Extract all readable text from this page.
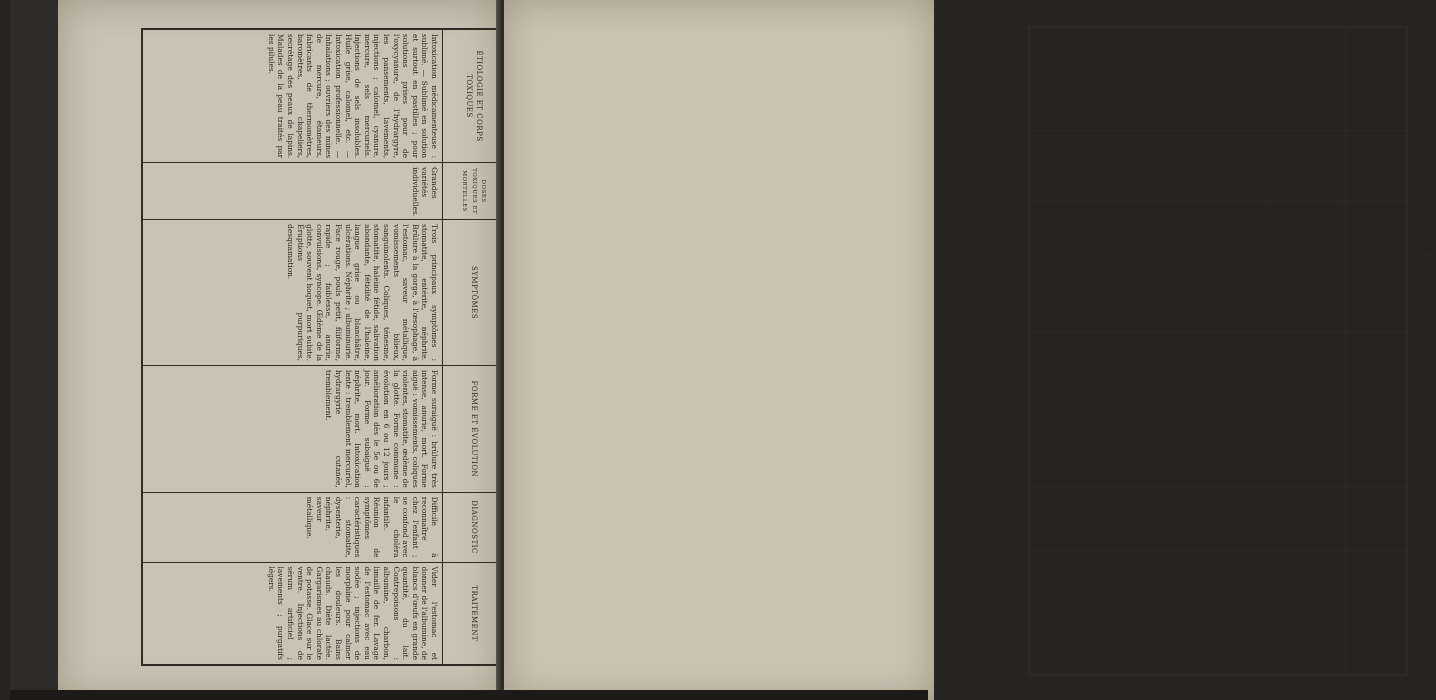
ÉTIOLOGIE ET CORPS TOXIQUES
DOSES TOXIQUES ET MORTELLES
SYMPTÔMES
FORME ET ÉVOLUTION
DIAGNOSTIC
TRAITEMENT
Intoxication médicamenteuse : sublimé. — Sublimé en solution et surtout en pastilles ; pour solutions prises pour de l'oxycyanure, de l'hydrargyre, les pansements, lavements, injections ; calomel, cyanure, mercure, sels mercuriels. Injections de sels insolubles. Huile grise, calomel, etc. — Intoxication professionnelle. — Inhalations ; ouvriers des mines de mercure, étameurs, fabricants de thermomètres, baromètres, chapeliers, secrétage des peaux de lapins. Malades de la peau traités par les pilules.
Grandes variétés individuelles.
Trois principaux symptômes : stomatite, entérite, néphrite. Brûlure à la gorge, à l'œsophage, à l'estomac, saveur métallique, vomissements bilieux, sanguinolents. Coliques, ténesme, stomatite, haleine fétide, salivation abondante, fétidité de l'haleine, langue grise ou blanchâtre, ulcérations. Néphrite ; albuminurie. Face rouge, pouls petit, filiforme, rapide ; faiblesse, anurie, convulsions, syncope. Œdème de la glotte, souvent hoquet, mort subite. Éruptions purpuriques, desquamation.
Forme suraiguë : brûlure très intense, anurie, mort. Forme aiguë : vomissements, coliques violentes, stomatite, œdème de la glotte. Forme commune : évolution en 6 ou 12 jours ; amélioration dès le 5e ou 6e jour. Forme subaiguë : néphrite, mort. Intoxication lente : tremblement mercuriel, hydrargyrie cutanée, tremblement.
Difficile à reconnaître chez l'enfant ; se confond avec le choléra infantile. Réunion de symptômes caractéristiques : stomatite, dysenterie, néphrite, saveur métallique.
Vider l'estomac et donner de l'albumine, de blancs d'œufs en grande quantité, du lait. Contrepoisons : albumine, charbon, limaille de fer. Lavage de l'estomac avec eau sodée ; injections de morphine pour calmer les douleurs. Bains chauds. Diète lactée. Gargarismes au chlorate de potasse. Glace sur le ventre. Injections de sérum artificiel ; lavements ; purgatifs légers.
15. Opium et morphine.
ÉTIOLOGIE ET CORPS TOXIQUES
DOSES TOXIQUES ET MORTELLES
SYMPTÔMES
MARCHE ET ÉVOLUTION
DIAGNOSTIC
TRAITEMENT
Pavot, opium, morphine, alcaloïdes : codéine, narcéine, thébaïne, papavérine ; laudanum, élixir parégorique, extrait thébaïque, sirop de morphine, poudre de Dower. Empoisonnement criminel ou par erreur ; suicide. Intoxication accidentelle chez les enfants par sirops calmants ; tétée du sein de la nourrice. Suicide par laudanum très fréquent.
Adulte, 5 centigr. morphine toxique ; 20 centigr. mortels ; opium, 1 gr. à 2 gr. Enfant : quelques gouttes de laudanum ; grande susceptibilité chez le nouveau-né. Tolérance par l'habitude ; morphinomanes peuvent supporter des doses énormes.
Pesanteur de tête, vertiges, sensation de chaleur dans tout le corps, prurit, sécheresse de la bouche, soif, nausées et vomissements, constipation. Somnolence et assoupissement, sommeil profond, coma ; myosis extrême, pupilles punctiformes ; respiration lente, irrégulière, stertoreuse ; pouls faible, cyanose. Refroidissement, sueurs profuses ; rétention d'urine. Chez l'enfant : excitation, convulsions.
Début une demi-heure après l'ingestion ; période d'excitation, puis période comateuse, parfois mort rapide. Observation : l'enfant pâlit, se refroidit, la respiration se ralentit, les pupilles se resserrent. Le coma dure 6 à 12 heures ; la mort survient par asphyxie. Formes anormales : début brusque, mort subite.
Myosis, coma avec bradypnée, cyanose.
Vomitif, lavage de l'estomac au permanganate de potasse à 1 p. 1000. Contrepoisons : tanin, café, thé. Combattre le coma ; flagellation, révulsion ; excitants cutanés ; faire marcher le malade. Respiration artificielle ; inhalations d'oxygène. Atropine modérée comme antidote physiologique ; injections de caféine, éther, strychnine. Réchauffer le malade ; boissons chaudes.
